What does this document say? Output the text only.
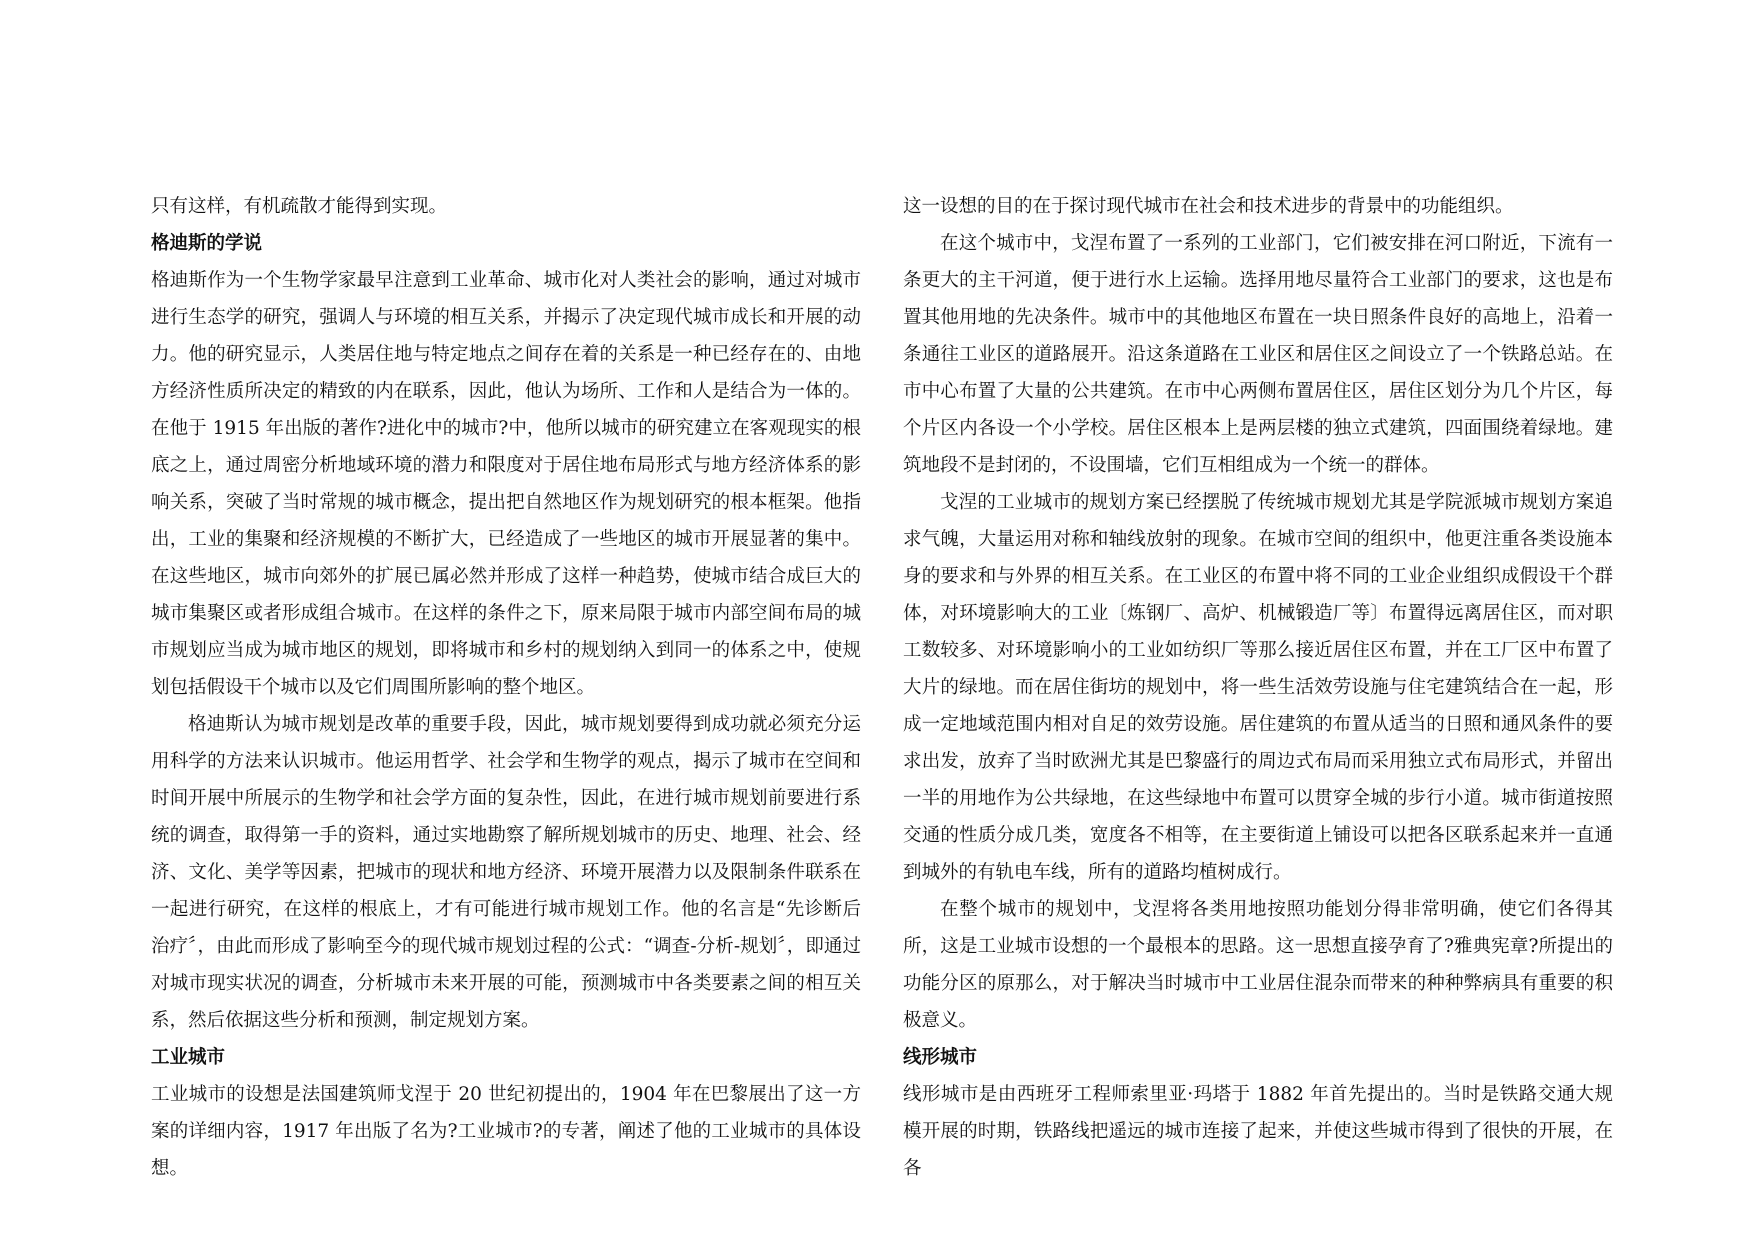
只有这样，有机疏散才能得到实现。

格迪斯的学说

格迪斯作为一个生物学家最早注意到工业革命、城市化对人类社会的影响，通过对城市进行生态学的研究，强调人与环境的相互关系，并揭示了决定现代城市成长和开展的动力。他的研究显示，人类居住地与特定地点之间存在着的关系是一种已经存在的、由地方经济性质所决定的精致的内在联系，因此，他认为场所、工作和人是结合为一体的。在他于 1915 年出版的著作?进化中的城市?中，他所以城市的研究建立在客观现实的根底之上，通过周密分析地域环境的潜力和限度对于居住地布局形式与地方经济体系的影响关系，突破了当时常规的城市概念，提出把自然地区作为规划研究的根本框架。他指出，工业的集聚和经济规模的不断扩大，已经造成了一些地区的城市开展显著的集中。在这些地区，城市向郊外的扩展已属必然并形成了这样一种趋势，使城市结合成巨大的城市集聚区或者形成组合城市。在这样的条件之下，原来局限于城市内部空间布局的城市规划应当成为城市地区的规划，即将城市和乡村的规划纳入到同一的体系之中，使规划包括假设干个城市以及它们周围所影响的整个地区。

格迪斯认为城市规划是改革的重要手段，因此，城市规划要得到成功就必须充分运用科学的方法来认识城市。他运用哲学、社会学和生物学的观点，揭示了城市在空间和时间开展中所展示的生物学和社会学方面的复杂性，因此，在进行城市规划前要进行系统的调查，取得第一手的资料，通过实地勘察了解所规划城市的历史、地理、社会、经济、文化、美学等因素，把城市的现状和地方经济、环境开展潜力以及限制条件联系在一起进行研究，在这样的根底上，才有可能进行城市规划工作。他的名言是“先诊断后治疗〞，由此而形成了影响至今的现代城市规划过程的公式：“调查-分析-规划〞，即通过对城市现实状况的调查，分析城市未来开展的可能，预测城市中各类要素之间的相互关系，然后依据这些分析和预测，制定规划方案。

工业城市

工业城市的设想是法国建筑师戈涅于 20 世纪初提出的，1904 年在巴黎展出了这一方案的详细内容，1917 年出版了名为?工业城市?的专著，阐述了他的工业城市的具体设想。

这一设想的目的在于探讨现代城市在社会和技术进步的背景中的功能组织。

在这个城市中，戈涅布置了一系列的工业部门，它们被安排在河口附近，下流有一条更大的主干河道，便于进行水上运输。选择用地尽量符合工业部门的要求，这也是布置其他用地的先决条件。城市中的其他地区布置在一块日照条件良好的高地上，沿着一条通往工业区的道路展开。沿这条道路在工业区和居住区之间设立了一个铁路总站。在市中心布置了大量的公共建筑。在市中心两侧布置居住区，居住区划分为几个片区，每个片区内各设一个小学校。居住区根本上是两层楼的独立式建筑，四面围绕着绿地。建筑地段不是封闭的，不设围墙，它们互相组成为一个统一的群体。

戈涅的工业城市的规划方案已经摆脱了传统城市规划尤其是学院派城市规划方案追求气魄，大量运用对称和轴线放射的现象。在城市空间的组织中，他更注重各类设施本身的要求和与外界的相互关系。在工业区的布置中将不同的工业企业组织成假设干个群体，对环境影响大的工业〔炼钢厂、高炉、机械锻造厂等〕布置得远离居住区，而对职工数较多、对环境影响小的工业如纺织厂等那么接近居住区布置，并在工厂区中布置了大片的绿地。而在居住街坊的规划中，将一些生活效劳设施与住宅建筑结合在一起，形成一定地域范围内相对自足的效劳设施。居住建筑的布置从适当的日照和通风条件的要求出发，放弃了当时欧洲尤其是巴黎盛行的周边式布局而采用独立式布局形式，并留出一半的用地作为公共绿地，在这些绿地中布置可以贯穿全城的步行小道。城市街道按照交通的性质分成几类，宽度各不相等，在主要街道上铺设可以把各区联系起来并一直通到城外的有轨电车线，所有的道路均植树成行。

在整个城市的规划中，戈涅将各类用地按照功能划分得非常明确，使它们各得其所，这是工业城市设想的一个最根本的思路。这一思想直接孕育了?雅典宪章?所提出的功能分区的原那么，对于解决当时城市中工业居住混杂而带来的种种弊病具有重要的积极意义。

线形城市

线形城市是由西班牙工程师索里亚·玛塔于 1882 年首先提出的。当时是铁路交通大规模开展的时期，铁路线把遥远的城市连接了起来，并使这些城市得到了很快的开展，在各
